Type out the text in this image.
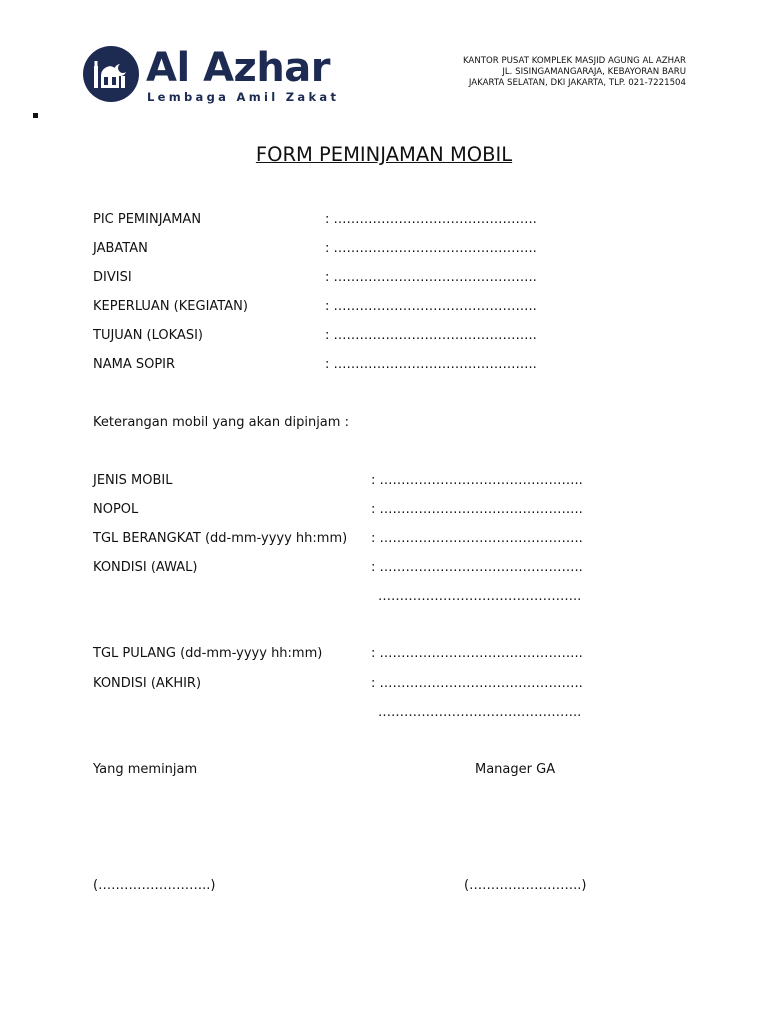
Al Azhar
Lembaga Amil Zakat
KANTOR PUSAT KOMPLEK MASJID AGUNG AL AZHAR
JL. SISINGAMANGARAJA, KEBAYORAN BARU
JAKARTA SELATAN, DKI JAKARTA, TLP. 021-7221504
FORM PEMINJAMAN MOBIL
PIC PEMINJAMAN	: ………………………………………..
JABATAN	: ………………………………………..
DIVISI	: ………………………………………..
KEPERLUAN (KEGIATAN)	: ………………………………………..
TUJUAN (LOKASI)	: ………………………………………..
NAMA SOPIR	: ………………………………………..
Keterangan mobil yang akan dipinjam :
JENIS MOBIL	: ………………………………………..
NOPOL	: ………………………………………..
TGL BERANGKAT (dd-mm-yyyy hh:mm) : ………………………………………..
KONDISI (AWAL)	: ………………………………………..
………………………………………..
TGL PULANG (dd-mm-yyyy hh:mm)	: ………………………………………..
KONDISI (AKHIR)	: ………………………………………..
………………………………………..
Yang meminjam	Manager GA
(……………………..)	(……………………..)
